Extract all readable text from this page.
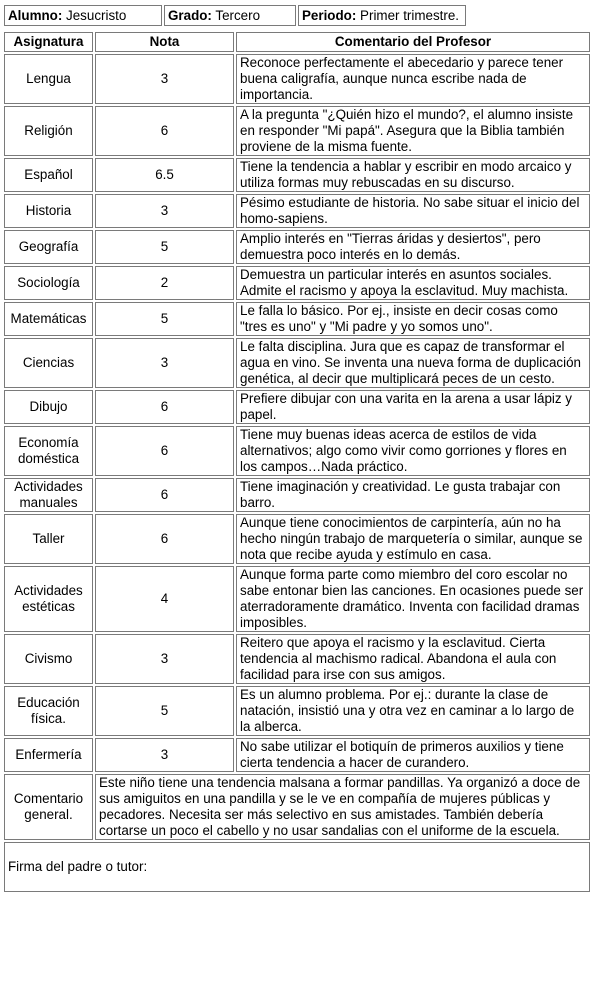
Alumno: Jesucristo	Grado: Tercero	Periodo: Primer trimestre.
Asignatura	Nota	Comentario del Profesor
Lengua	3	Reconoce perfectamente el abecedario y parece tener buena caligrafía, aunque nunca escribe nada de importancia.
Religión	6	A la pregunta "¿Quién hizo el mundo?, el alumno insiste en responder "Mi papá". Asegura que la Biblia también proviene de la misma fuente.
Español	6.5	Tiene la tendencia a hablar y escribir en modo arcaico y utiliza formas muy rebuscadas en su discurso.
Historia	3	Pésimo estudiante de historia. No sabe situar el inicio del homo-sapiens.
Geografía	5	Amplio interés en "Tierras áridas y desiertos", pero demuestra poco interés en lo demás.
Sociología	2	Demuestra un particular interés en asuntos sociales. Admite el racismo y apoya la esclavitud. Muy machista.
Matemáticas	5	Le falla lo básico. Por ej., insiste en decir cosas como "tres es uno" y "Mi padre y yo somos uno".
Ciencias	3	Le falta disciplina. Jura que es capaz de transformar el agua en vino. Se inventa una nueva forma de duplicación genética, al decir que multiplicará peces de un cesto.
Dibujo	6	Prefiere dibujar con una varita en la arena a usar lápiz y papel.
Economía doméstica	6	Tiene muy buenas ideas acerca de estilos de vida alternativos; algo como vivir como gorriones y flores en los campos…Nada práctico.
Actividades manuales	6	Tiene imaginación y creatividad. Le gusta trabajar con barro.
Taller	6	Aunque tiene conocimientos de carpintería, aún no ha hecho ningún trabajo de marquetería o similar, aunque se nota que recibe ayuda y estímulo en casa.
Actividades estéticas	4	Aunque forma parte como miembro del coro escolar no sabe entonar bien las canciones. En ocasiones puede ser aterradoramente dramático. Inventa con facilidad dramas imposibles.
Civismo	3	Reitero que apoya el racismo y la esclavitud. Cierta tendencia al machismo radical. Abandona el aula con facilidad para irse con sus amigos.
Educación física.	5	Es un alumno problema. Por ej.: durante la clase de natación, insistió una y otra vez en caminar a lo largo de la alberca.
Enfermería	3	No sabe utilizar el botiquín de primeros auxilios y tiene cierta tendencia a hacer de curandero.
Comentario general.	Este niño tiene una tendencia malsana a formar pandillas. Ya organizó a doce de sus amiguitos en una pandilla y se le ve en compañía de mujeres públicas y pecadores. Necesita ser más selectivo en sus amistades. También debería cortarse un poco el cabello y no usar sandalias con el uniforme de la escuela.	
Firma del padre o tutor:		
